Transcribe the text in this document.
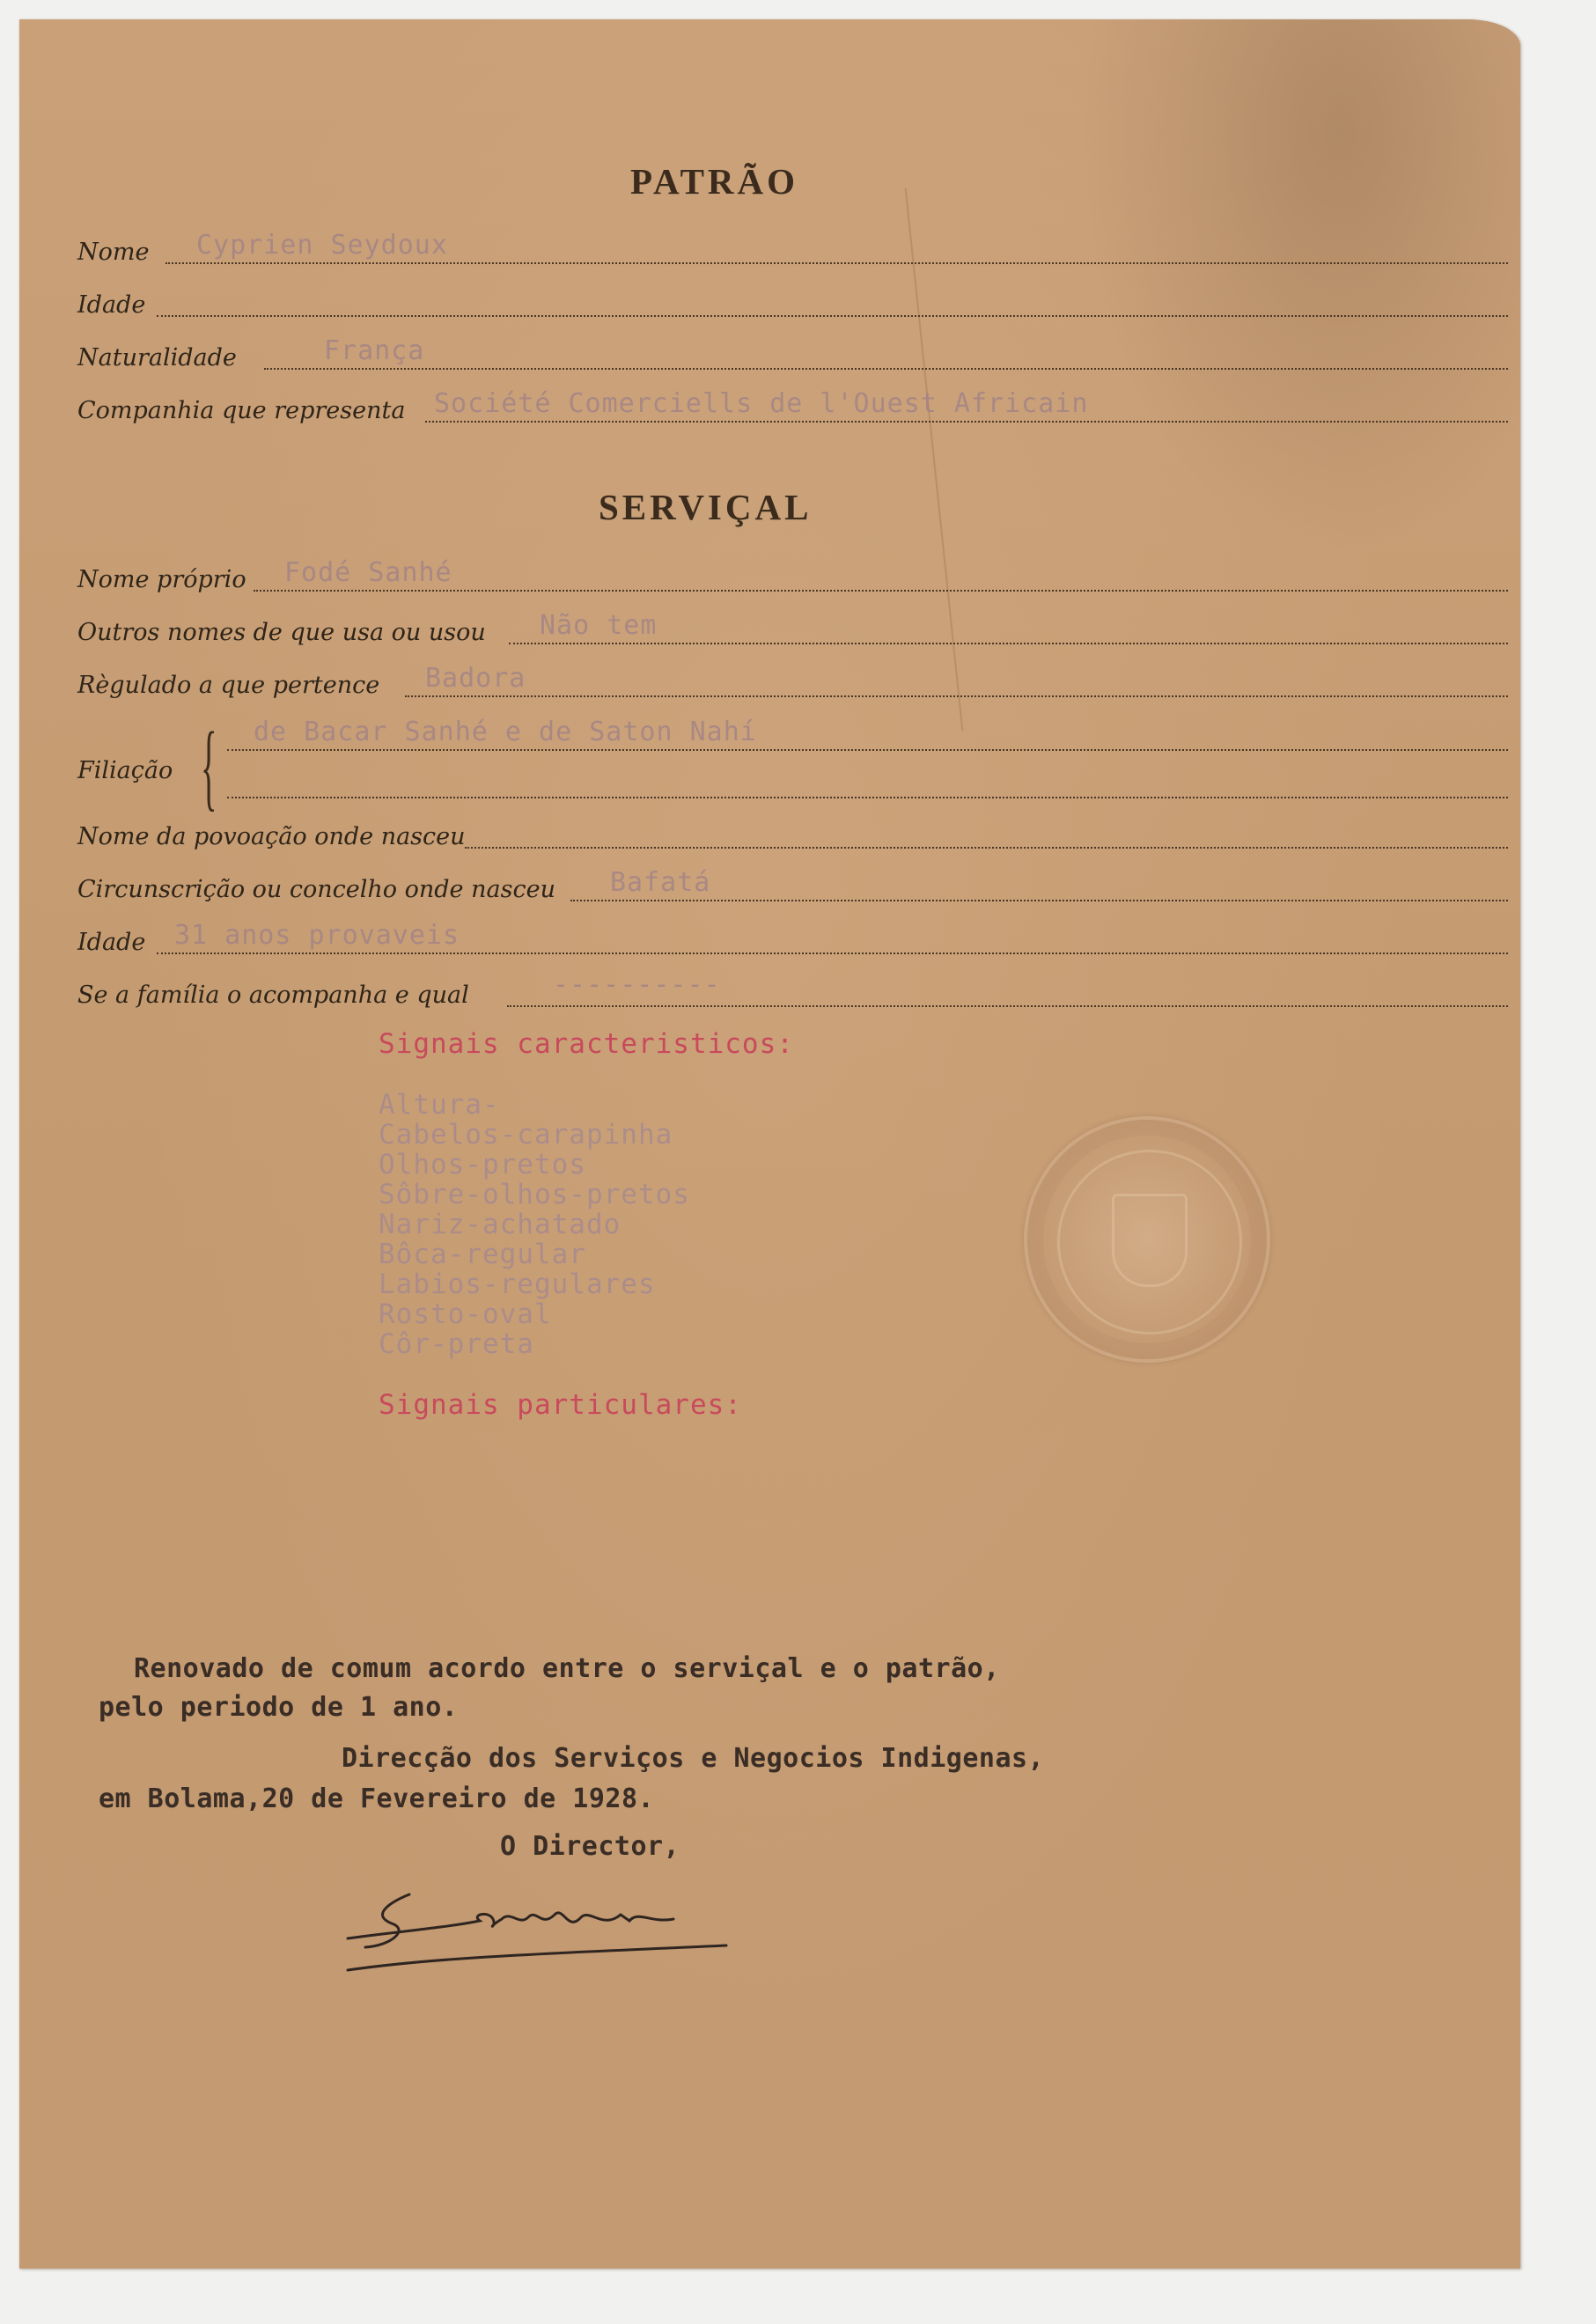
PATRÃO
Nome Cyprien Seydoux
Idade
Naturalidade	França
Companhia que representa Société Comerciells de l'Ouest Africain
SERVIÇAL
Nome próprio Fodé Sanhé
Outros nomes de que usa ou usou Não tem
Règulado a que pertence Badora
Filiação { de Bacar Sanhé e de Saton Nahí
Nome da povoação onde nasceu
Circunscrição ou concelho onde nasceu Bafatá
Idade 31 anos provaveis
Se a família o acompanha e qual	----------
Signais caracteristicos:
Altura-
Cabelos-carapinha
Olhos-pretos
Sôbre-olhos-pretos
Nariz-achatado
Bôca-regular
Labios-regulares
Rosto-oval
Côr-preta
Signais particulares:
Renovado de comum acordo entre o serviçal e o patrão,
pelo periodo de 1 ano.
Direcção dos Serviços e Negocios Indigenas,
em Bolama,20 de Fevereiro de 1928.
O Director,
